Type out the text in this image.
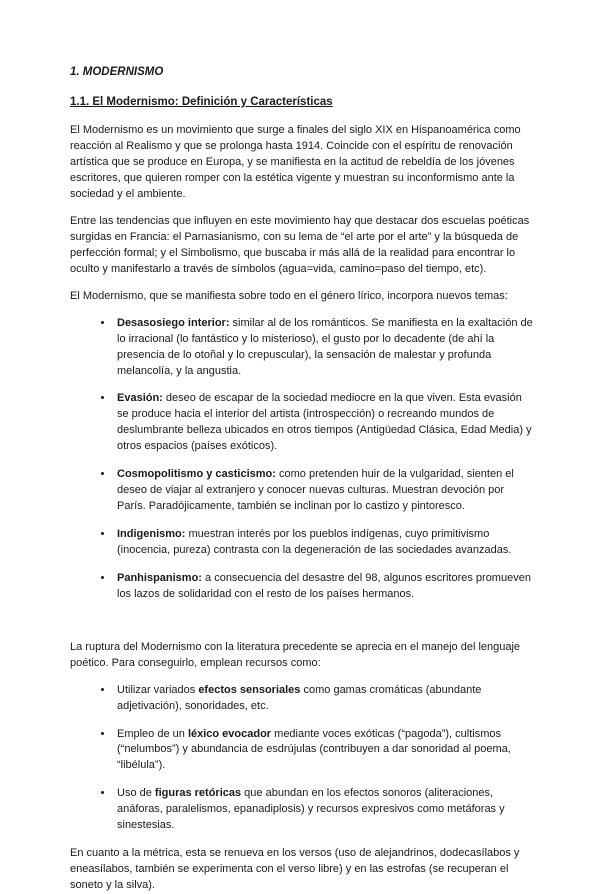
1. MODERNISMO
1.1. El Modernismo: Definición y Características

El Modernismo es un movimiento que surge a finales del siglo XIX en Hispanoamérica como reacción al Realismo y que se prolonga hasta 1914. Coincide con el espíritu de renovación artística que se produce en Europa, y se manifiesta en la actitud de rebeldía de los jóvenes escritores, que quieren romper con la estética vigente y muestran su inconformismo ante la sociedad y el ambiente.

Entre las tendencias que influyen en este movimiento hay que destacar dos escuelas poéticas surgidas en Francia: el Parnasianismo, con su lema de “el arte por el arte” y la búsqueda de perfección formal; y el Simbolismo, que buscaba ir más allá de la realidad para encontrar lo oculto y manifestarlo a través de símbolos (agua=vida, camino=paso del tiempo, etc).

El Modernismo, que se manifiesta sobre todo en el género lírico, incorpora nuevos temas:

• Desasosiego interior: similar al de los románticos. Se manifiesta en la exaltación de lo irracional (lo fantástico y lo misterioso), el gusto por lo decadente (de ahí la presencia de lo otoñal y lo crepuscular), la sensación de malestar y profunda melancolía, y la angustia.
• Evasión: deseo de escapar de la sociedad mediocre en la que viven. Esta evasión se produce hacia el interior del artista (introspección) o recreando mundos de deslumbrante belleza ubicados en otros tiempos (Antigüedad Clásica, Edad Media) y otros espacios (países exóticos).
• Cosmopolitismo y casticismo: como pretenden huir de la vulgaridad, sienten el deseo de viajar al extranjero y conocer nuevas culturas. Muestran devoción por París. Paradójicamente, también se inclinan por lo castizo y pintoresco.
• Indigenismo: muestran interés por los pueblos indígenas, cuyo primitivismo (inocencia, pureza) contrasta con la degeneración de las sociedades avanzadas.
• Panhispanismo: a consecuencia del desastre del 98, algunos escritores promueven los lazos de solidaridad con el resto de los países hermanos.

La ruptura del Modernismo con la literatura precedente se aprecia en el manejo del lenguaje poético. Para conseguirlo, emplean recursos como:

• Utilizar variados efectos sensoriales como gamas cromáticas (abundante adjetivación), sonoridades, etc.
• Empleo de un léxico evocador mediante voces exóticas (“pagoda”), cultismos (“nelumbos”) y abundancia de esdrújulas (contribuyen a dar sonoridad al poema, “libélula”).
• Uso de figuras retóricas que abundan en los efectos sonoros (aliteraciones, anáforas, paralelismos, epanadiplosis) y recursos expresivos como metáforas y sinestesias.

En cuanto a la métrica, esta se renueva en los versos (uso de alejandrinos, dodecasílabos y eneasílabos, también se experimenta con el verso libre) y en las estrofas (se recuperan el soneto y la silva).
